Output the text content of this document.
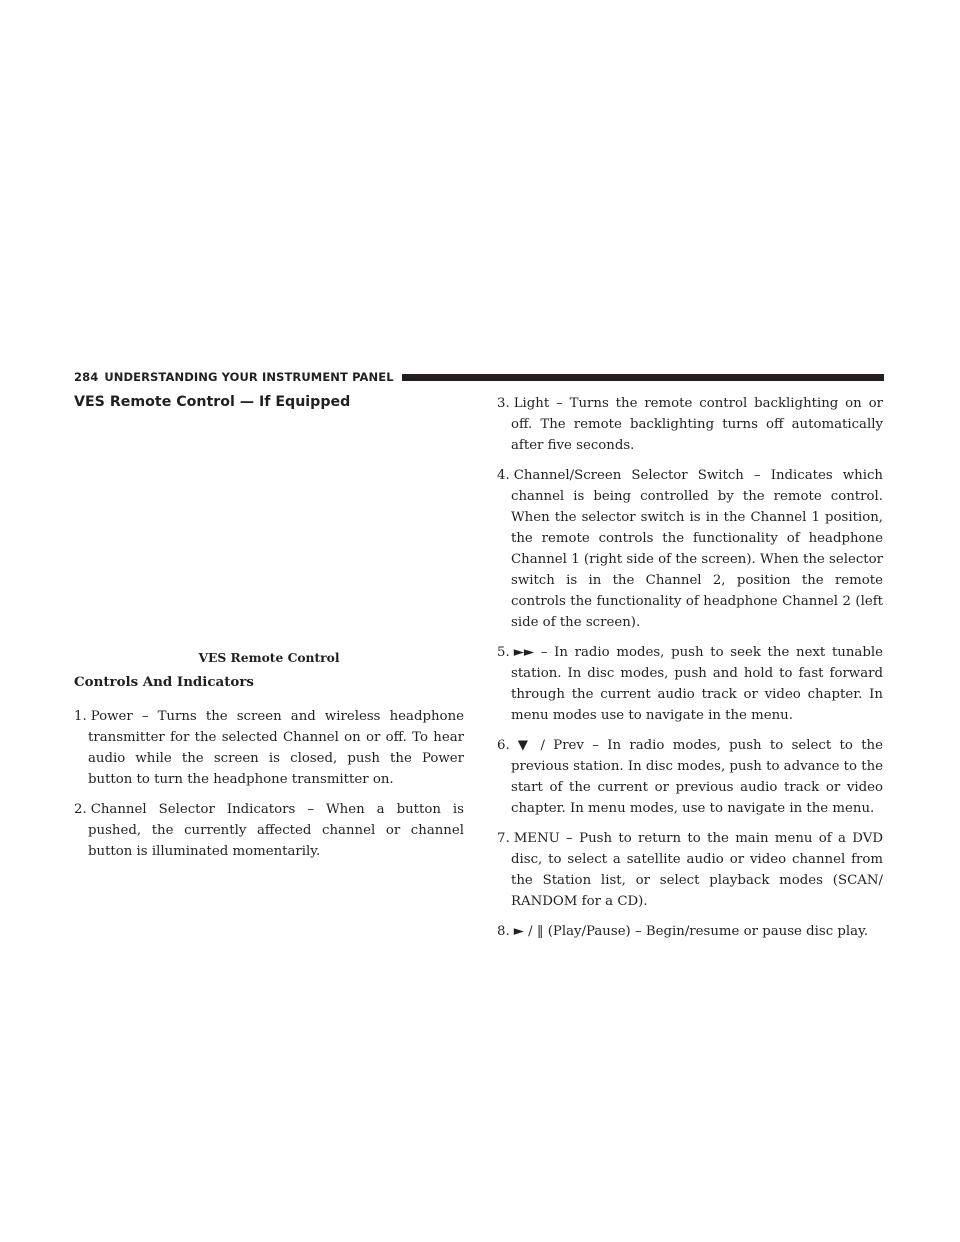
284 UNDERSTANDING YOUR INSTRUMENT PANEL
VES Remote Control — If Equipped
VES Remote Control
Controls And Indicators
1. Power – Turns the screen and wireless headphone transmitter for the selected Channel on or off. To hear audio while the screen is closed, push the Power button to turn the headphone transmitter on.
2. Channel Selector Indicators – When a button is pushed, the currently affected channel or channel button is illuminated momentarily.
3. Light – Turns the remote control backlighting on or off. The remote backlighting turns off automatically after five seconds.
4. Channel/Screen Selector Switch – Indicates which channel is being controlled by the remote control. When the selector switch is in the Channel 1 position, the remote controls the functionality of headphone Channel 1 (right side of the screen). When the selector switch is in the Channel 2, position the remote controls the functionality of headphone Channel 2 (left side of the screen).
5. ►► – In radio modes, push to seek the next tunable station. In disc modes, push and hold to fast forward through the current audio track or video chapter. In menu modes use to navigate in the menu.
6. ▼ / Prev – In radio modes, push to select to the previous station. In disc modes, push to advance to the start of the current or previous audio track or video chapter. In menu modes, use to navigate in the menu.
7. MENU – Push to return to the main menu of a DVD disc, to select a satellite audio or video channel from the Station list, or select playback modes (SCAN/ RANDOM for a CD).
8. ► / ‖ (Play/Pause) – Begin/resume or pause disc play.
